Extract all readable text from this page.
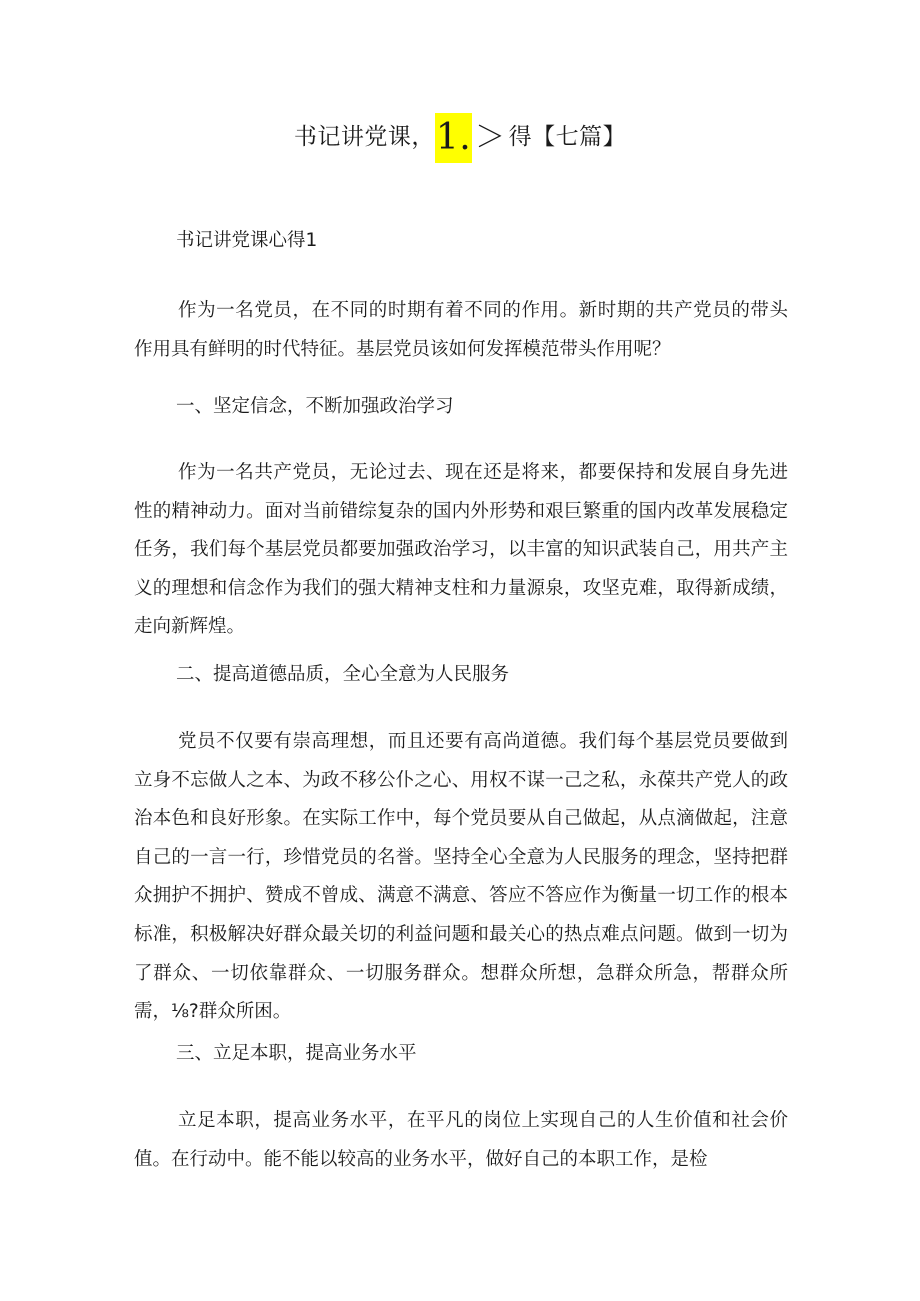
书记讲党课，1. ＞ 得【七篇】
书记讲党课心得1

作为一名党员，在不同的时期有着不同的作用。新时期的共产党员的带头作用具有鲜明的时代特征。基层党员该如何发挥模范带头作用呢？

一、坚定信念，不断加强政治学习

作为一名共产党员，无论过去、现在还是将来，都要保持和发展自身先进性的精神动力。面对当前错综复杂的国内外形势和艰巨繁重的国内改革发展稳定任务，我们每个基层党员都要加强政治学习，以丰富的知识武装自己，用共产主义的理想和信念作为我们的强大精神支柱和力量源泉，攻坚克难，取得新成绩，走向新辉煌。

二、提高道德品质，全心全意为人民服务

党员不仅要有崇高理想，而且还要有高尚道德。我们每个基层党员要做到立身不忘做人之本、为政不移公仆之心、用权不谋一己之私，永葆共产党人的政治本色和良好形象。在实际工作中，每个党员要从自己做起，从点滴做起，注意自己的一言一行，珍惜党员的名誉。坚持全心全意为人民服务的理念，坚持把群众拥护不拥护、赞成不曾成、满意不满意、答应不答应作为衡量一切工作的根本标准，积极解决好群众最关切的利益问题和最关心的热点难点问题。做到一切为了群众、一切依靠群众、一切服务群众。想群众所想，急群众所急，帮群众所需，⅛?群众所困。

三、立足本职，提高业务水平

立足本职，提高业务水平，在平凡的岗位上实现自己的人生价值和社会价值。在行动中。能不能以较高的业务水平，做好自己的本职工作，是检
